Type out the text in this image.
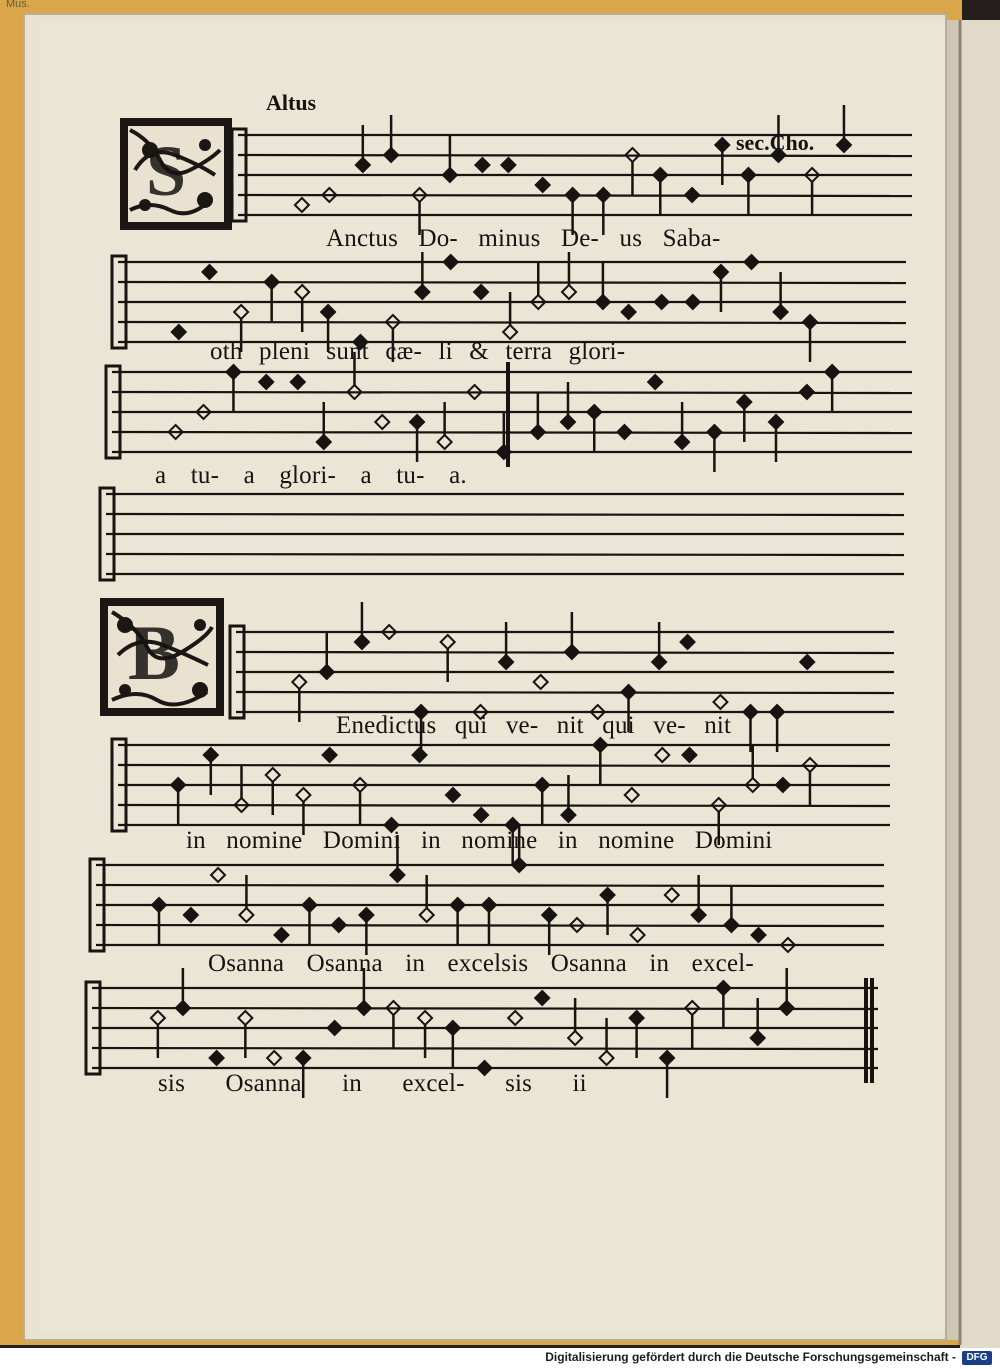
Altus
sec.Cho.
Mus.
S
B
Anctus Do- minus De- us Saba-
oth pleni sunt cæ- li & terra glori-
a tu- a glori- a tu- a.
Enedictus qui ve- nit qui ve- nit
in nomine Domini in nomine in nomine Domini
Osanna Osanna in excelsis Osanna in excel-
sis Osanna in excel- sis ii
Digitalisierung gefördert durch die Deutsche Forschungsgemeinschaft -	DFG
